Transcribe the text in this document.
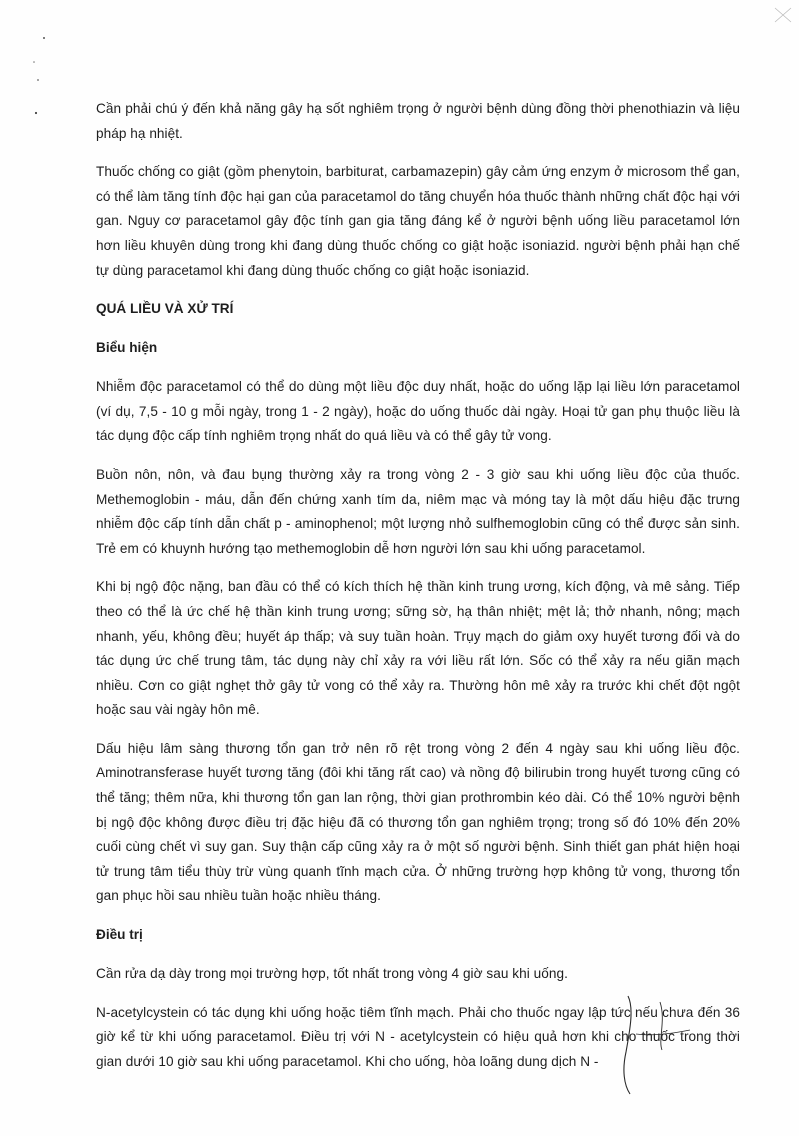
Cần phải chú ý đến khả năng gây hạ sốt nghiêm trọng ở người bệnh dùng đồng thời phenothiazin và liệu pháp hạ nhiệt.

Thuốc chống co giật (gồm phenytoin, barbiturat, carbamazepin) gây cảm ứng enzym ở microsom thể gan, có thể làm tăng tính độc hại gan của paracetamol do tăng chuyển hóa thuốc thành những chất độc hại với gan. Nguy cơ paracetamol gây độc tính gan gia tăng đáng kể ở người bệnh uống liều paracetamol lớn hơn liều khuyên dùng trong khi đang dùng thuốc chống co giật hoặc isoniazid. người bệnh phải hạn chế tự dùng paracetamol khi đang dùng thuốc chống co giật hoặc isoniazid.

QUÁ LIỀU VÀ XỬ TRÍ
Biểu hiện

Nhiễm độc paracetamol có thể do dùng một liều độc duy nhất, hoặc do uống lặp lại liều lớn paracetamol (ví dụ, 7,5 - 10 g mỗi ngày, trong 1 - 2 ngày), hoặc do uống thuốc dài ngày. Hoại tử gan phụ thuộc liều là tác dụng độc cấp tính nghiêm trọng nhất do quá liều và có thể gây tử vong.

Buồn nôn, nôn, và đau bụng thường xảy ra trong vòng 2 - 3 giờ sau khi uống liều độc của thuốc. Methemoglobin - máu, dẫn đến chứng xanh tím da, niêm mạc và móng tay là một dấu hiệu đặc trưng nhiễm độc cấp tính dẫn chất p - aminophenol; một lượng nhỏ sulfhemoglobin cũng có thể được sản sinh. Trẻ em có khuynh hướng tạo methemoglobin dễ hơn người lớn sau khi uống paracetamol.

Khi bị ngộ độc nặng, ban đầu có thể có kích thích hệ thần kinh trung ương, kích động, và mê sảng. Tiếp theo có thể là ức chế hệ thần kinh trung ương; sững sờ, hạ thân nhiệt; mệt lả; thở nhanh, nông; mạch nhanh, yếu, không đều; huyết áp thấp; và suy tuần hoàn. Trụy mạch do giảm oxy huyết tương đối và do tác dụng ức chế trung tâm, tác dụng này chỉ xảy ra với liều rất lớn. Sốc có thể xảy ra nếu giãn mạch nhiều. Cơn co giật nghẹt thở gây tử vong có thể xảy ra. Thường hôn mê xảy ra trước khi chết đột ngột hoặc sau vài ngày hôn mê.

Dấu hiệu lâm sàng thương tổn gan trở nên rõ rệt trong vòng 2 đến 4 ngày sau khi uống liều độc. Aminotransferase huyết tương tăng (đôi khi tăng rất cao) và nồng độ bilirubin trong huyết tương cũng có thể tăng; thêm nữa, khi thương tổn gan lan rộng, thời gian prothrombin kéo dài. Có thể 10% người bệnh bị ngộ độc không được điều trị đặc hiệu đã có thương tổn gan nghiêm trọng; trong số đó 10% đến 20% cuối cùng chết vì suy gan. Suy thận cấp cũng xảy ra ở một số người bệnh. Sinh thiết gan phát hiện hoại tử trung tâm tiểu thùy trừ vùng quanh tĩnh mạch cửa. Ở những trường hợp không tử vong, thương tổn gan phục hồi sau nhiều tuần hoặc nhiều tháng.

Điều trị

Cần rửa dạ dày trong mọi trường hợp, tốt nhất trong vòng 4 giờ sau khi uống.

N-acetylcystein có tác dụng khi uống hoặc tiêm tĩnh mạch. Phải cho thuốc ngay lập tức nếu chưa đến 36 giờ kể từ khi uống paracetamol. Điều trị với N - acetylcystein có hiệu quả hơn khi cho thuốc trong thời gian dưới 10 giờ sau khi uống paracetamol. Khi cho uống, hòa loãng dung dịch N -
